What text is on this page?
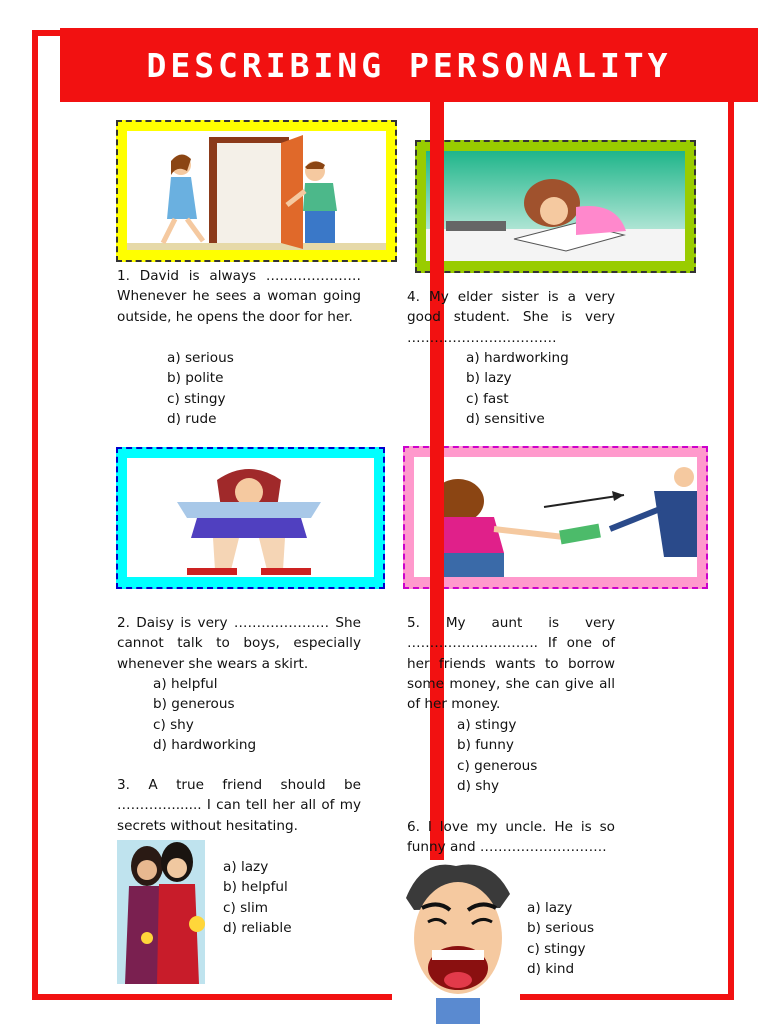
DESCRIBING PERSONALITY

1. David is always ………………… Whenever he sees a woman going outside, he opens the door for her.

a) serious
b) polite
c) stingy
d) rude

4. My elder sister is a very good student. She is very ……………………………

a) hardworking
b) lazy
c) fast
d) sensitive

2. Daisy is very ………………… She cannot talk to boys, especially whenever she wears a skirt.

a) helpful
b) generous
c) shy
d) hardworking

5. My aunt is very ……………………….. If one of her friends wants to borrow some money, she can give all of her money.

a) stingy
b) funny
c) generous
d) shy

3. A true friend should be …………....... I can tell her all of my secrets without hesitating.

a) lazy
b) helpful
c) slim
d) reliable

6. I love my uncle. He is so funny and ……………………….

a) lazy
b) serious
c) stingy
d) kind
